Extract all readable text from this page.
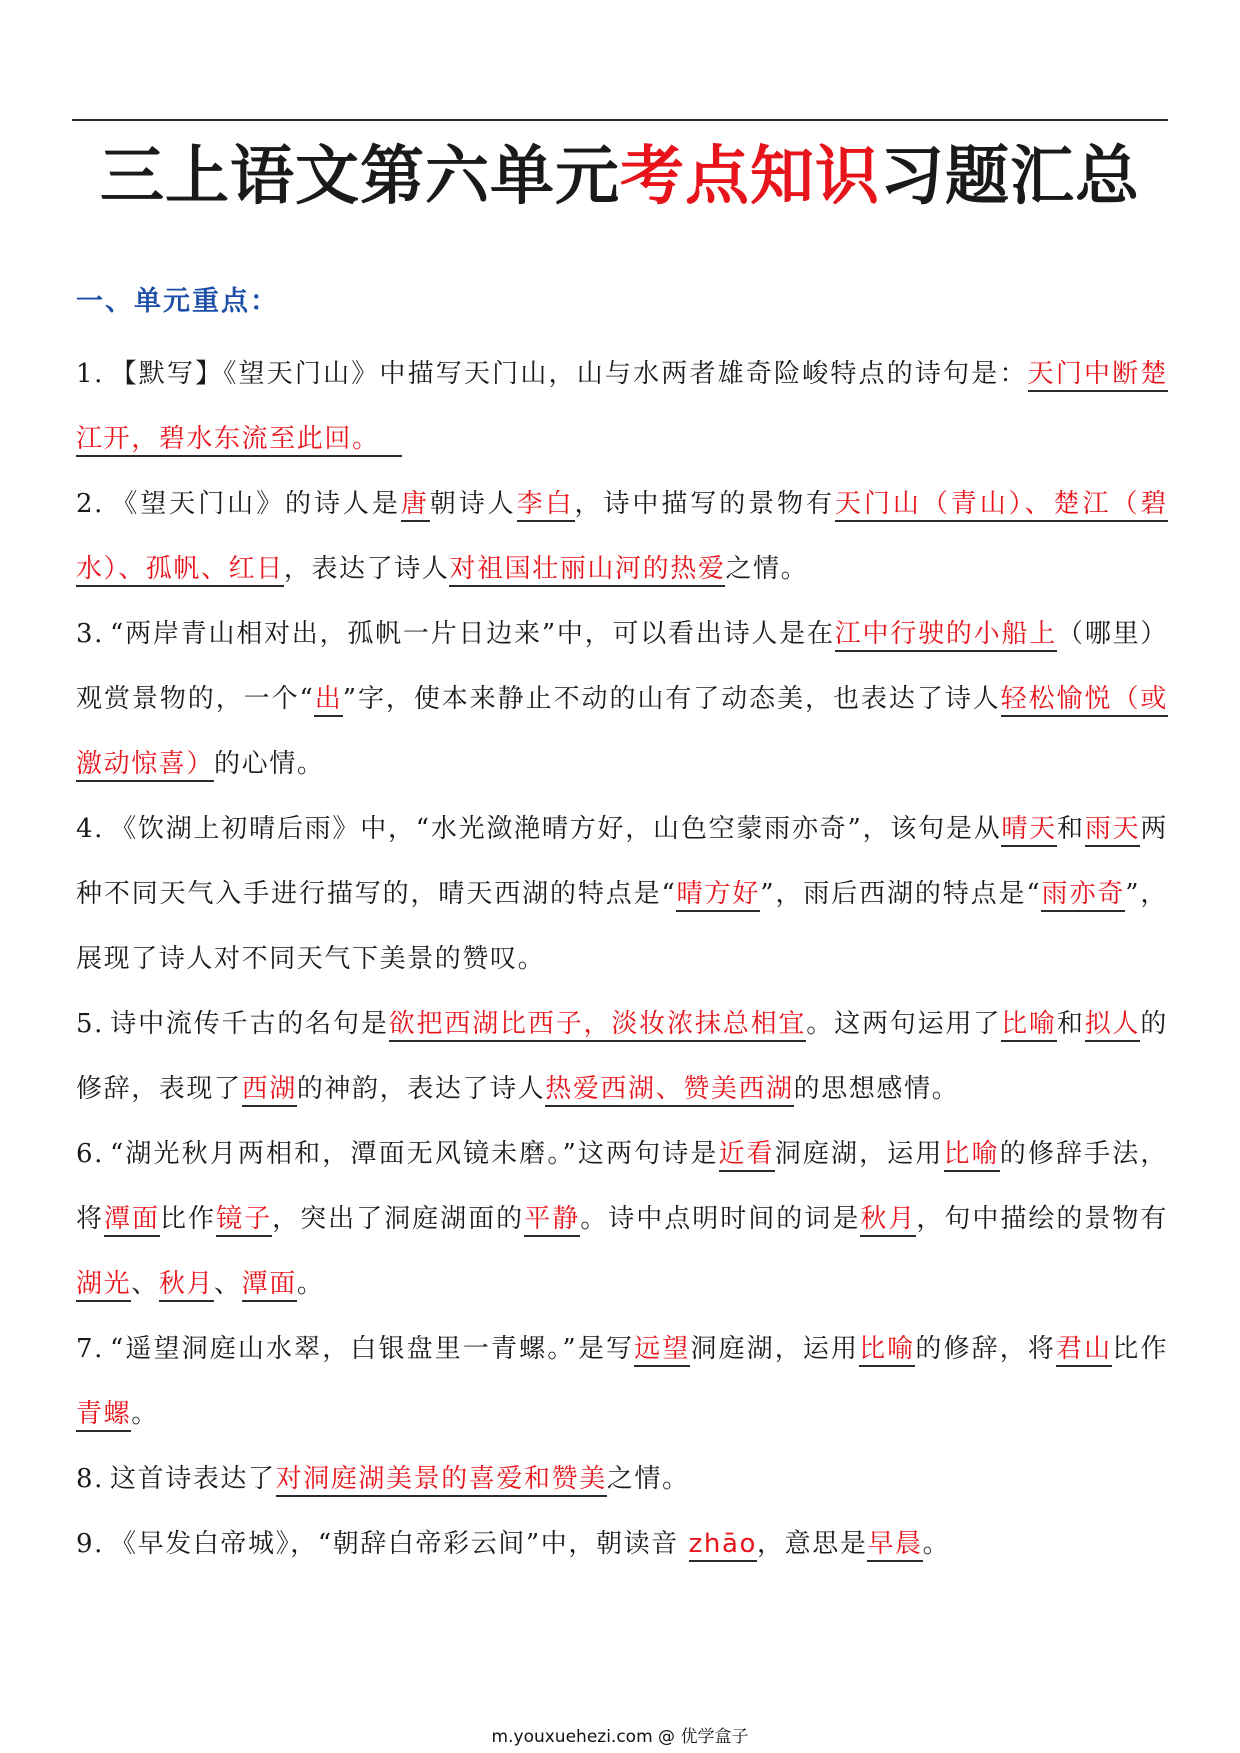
三上语文第六单元考点知识习题汇总
一、单元重点：

1. 【默写】《望天门山》中描写天门山，山与水两者雄奇险峻特点的诗句是：天门中断楚江开，碧水东流至此回。

2. 《望天门山》的诗人是唐朝诗人李白，诗中描写的景物有天门山（青山）、楚江（碧水）、孤帆、红日，表达了诗人对祖国壮丽山河的热爱之情。

3. “两岸青山相对出，孤帆一片日边来”中，可以看出诗人是在江中行驶的小船上（哪里）观赏景物的，一个“出”字，使本来静止不动的山有了动态美，也表达了诗人轻松愉悦（或激动惊喜）的心情。

4. 《饮湖上初晴后雨》中，“水光潋滟晴方好，山色空蒙雨亦奇”，该句是从晴天和雨天两种不同天气入手进行描写的，晴天西湖的特点是“晴方好”，雨后西湖的特点是“雨亦奇”，展现了诗人对不同天气下美景的赞叹。

5. 诗中流传千古的名句是欲把西湖比西子，淡妆浓抹总相宜。这两句运用了比喻和拟人的修辞，表现了西湖的神韵，表达了诗人热爱西湖、赞美西湖的思想感情。

6. “湖光秋月两相和，潭面无风镜未磨。”这两句诗是近看洞庭湖，运用比喻的修辞手法，将潭面比作镜子，突出了洞庭湖面的平静。诗中点明时间的词是秋月，句中描绘的景物有湖光、秋月、潭面。

7. “遥望洞庭山水翠，白银盘里一青螺。”是写远望洞庭湖，运用比喻的修辞，将君山比作青螺。

8. 这首诗表达了对洞庭湖美景的喜爱和赞美之情。

9. 《早发白帝城》，“朝辞白帝彩云间”中，朝读音 zhāo，意思是早晨。

m.youxuehezi.com @ 优学盒子
